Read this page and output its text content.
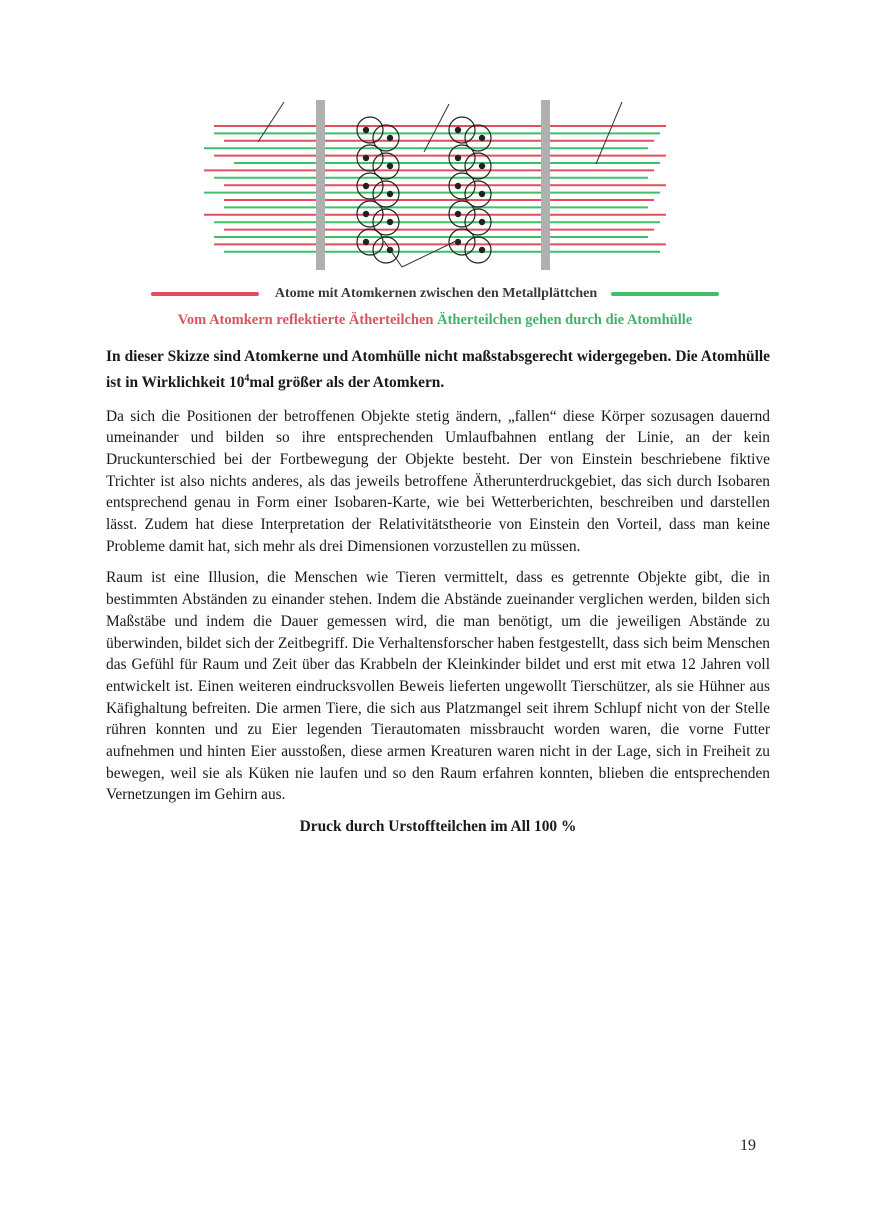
Atome mit Atomkernen zwischen den Metallplättchen
Vom Atomkern reflektierte Ätherteilchen Ätherteilchen gehen durch die Atomhülle

In dieser Skizze sind Atomkerne und Atomhülle nicht maßstabsgerecht widergegeben. Die Atomhülle ist in Wirklichkeit $10^4mal$ größer als der Atomkern.

Da sich die Positionen der betroffenen Objekte stetig ändern, „fallen“ diese Körper sozusagen dauernd umeinander und bilden so ihre entsprechenden Umlaufbahnen entlang der Linie, an der kein Druckunterschied bei der Fortbewegung der Objekte besteht. Der von Einstein beschriebene fiktive Trichter ist also nichts anderes, als das jeweils betroffene Ätherunterdruckgebiet, das sich durch Isobaren entsprechend genau in Form einer Isobaren-Karte, wie bei Wetterberichten, beschreiben und darstellen lässt. Zudem hat diese Interpretation der Relativitätstheorie von Einstein den Vorteil, dass man keine Probleme damit hat, sich mehr als drei Dimensionen vorzustellen zu müssen.

Raum ist eine Illusion, die Menschen wie Tieren vermittelt, dass es getrennte Objekte gibt, die in bestimmten Abständen zu einander stehen. Indem die Abstände zueinander verglichen werden, bilden sich Maßstäbe und indem die Dauer gemessen wird, die man benötigt, um die jeweiligen Abstände zu überwinden, bildet sich der Zeitbegriff. Die Verhaltensforscher haben festgestellt, dass sich beim Menschen das Gefühl für Raum und Zeit über das Krabbeln der Kleinkinder bildet und erst mit etwa 12 Jahren voll entwickelt ist. Einen weiteren eindrucksvollen Beweis lieferten ungewollt Tierschützer, als sie Hühner aus Käfighaltung befreiten. Die armen Tiere, die sich aus Platzmangel seit ihrem Schlupf nicht von der Stelle rühren konnten und zu Eier legenden Tierautomaten missbraucht worden waren, die vorne Futter aufnehmen und hinten Eier ausstoßen, diese armen Kreaturen waren nicht in der Lage, sich in Freiheit zu bewegen, weil sie als Küken nie laufen und so den Raum erfahren konnten, blieben die entsprechenden Vernetzungen im Gehirn aus.

Druck durch Urstoffteilchen im All 100 %
19
